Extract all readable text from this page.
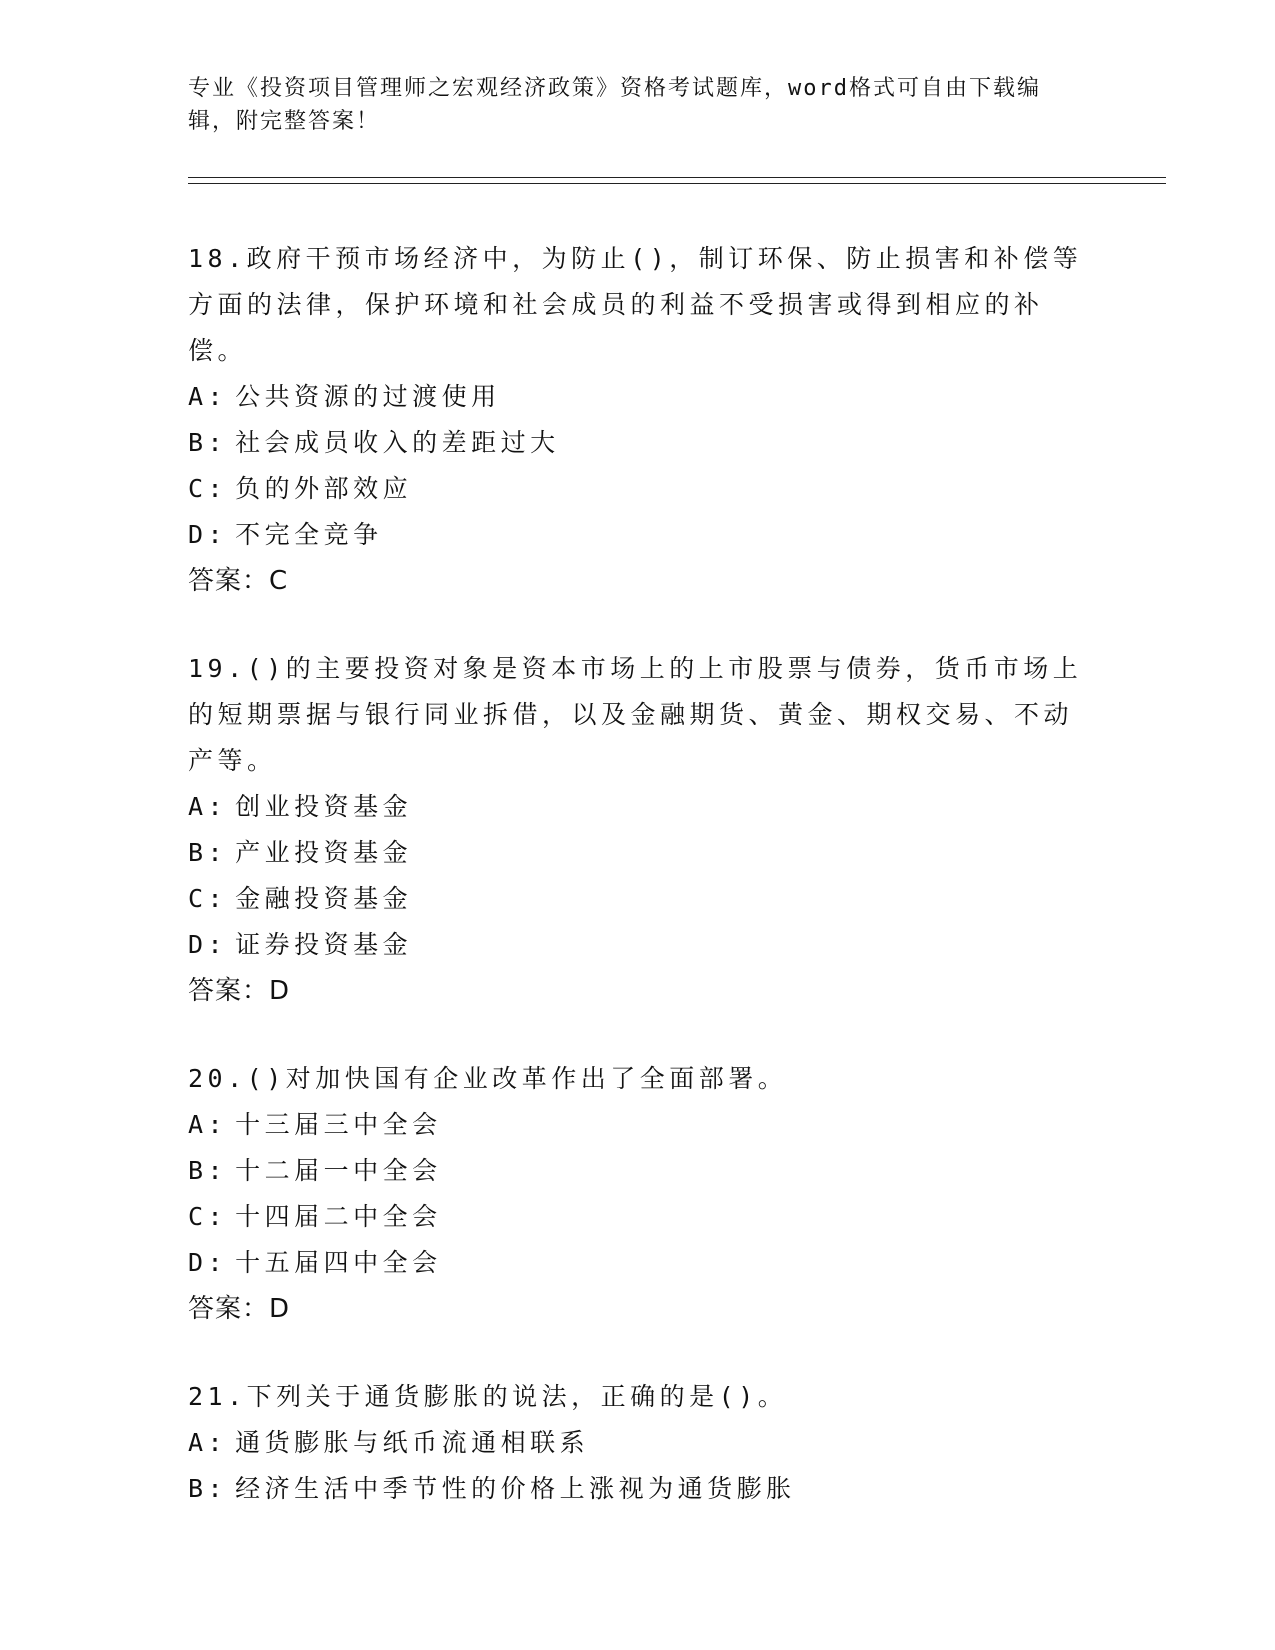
专业《投资项目管理师之宏观经济政策》资格考试题库，word格式可自由下载编辑，附完整答案！
18.政府干预市场经济中，为防止()，制订环保、防止损害和补偿等方面的法律，保护环境和社会成员的利益不受损害或得到相应的补偿。
A: 公共资源的过渡使用
B: 社会成员收入的差距过大
C: 负的外部效应
D: 不完全竞争
答案：C
19.()的主要投资对象是资本市场上的上市股票与债券，货币市场上的短期票据与银行同业拆借，以及金融期货、黄金、期权交易、不动产等。
A: 创业投资基金
B: 产业投资基金
C: 金融投资基金
D: 证券投资基金
答案：D
20.()对加快国有企业改革作出了全面部署。
A: 十三届三中全会
B: 十二届一中全会
C: 十四届二中全会
D: 十五届四中全会
答案：D
21.下列关于通货膨胀的说法，正确的是()。
A: 通货膨胀与纸币流通相联系
B: 经济生活中季节性的价格上涨视为通货膨胀
